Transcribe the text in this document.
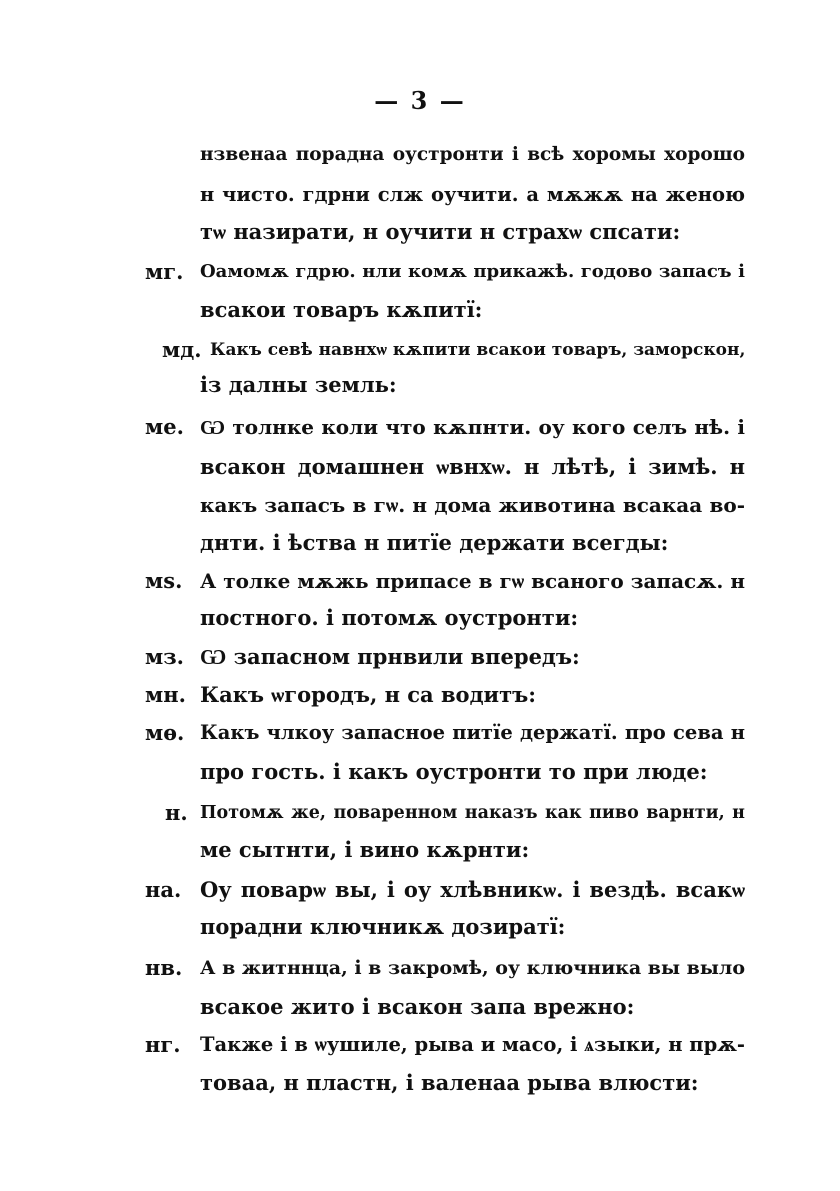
— 3 —
нзвенаа порадна оустронти і всѣ хоромы хорошо
н чисто. гдрни слж оучити. а мѫжѫ на женою
тѡ назирати, н оучити н страхѡ спсати:
мг. Оамомѫ гдрю. нли комѫ прикажѣ. годово запасъ і
всакои товаръ кѫпитї:
мд. Какъ севѣ навнхѡ кѫпити всакои товаръ, заморскон,
із далны земль:
ме. Ѡ толнке коли что кѫпнти. оу кого селъ нѣ. і
всакон домашнен ѡвнхѡ. н лѣтѣ, і зимѣ. н
какъ запасъ в гѡ. н дома животина всакаа во-
днти. і ѣства н питїе держати всегды:
мѕ. А толке мѫжь припасе в гѡ всаного запасѫ. н
постного. і потомѫ оустронти:
мз. Ѡ запасном прнвили впередъ:
мн. Какъ ѡгородъ, н са водитъ:
мѳ. Какъ члкоу запасное питїе держатї. про сева н
про гость. і какъ оустронти то при люде:
н. Потомѫ же, поваренном наказъ как пиво варнти, н
ме сытнти, і вино кѫрнти:
на. Оу поварѡ вы, і оу хлѣвникѡ. і вездѣ. всакѡ
порадни ключникѫ дозиратї:
нв. А в житннца, і в закромѣ, оу ключника вы выло
всакое жито і всакон запа врежно:
нг. Также і в ѡушиле, рыва и масо, і ѧзыки, н прѫ-
товаа, н пластн, і валенаа рыва влюсти:
